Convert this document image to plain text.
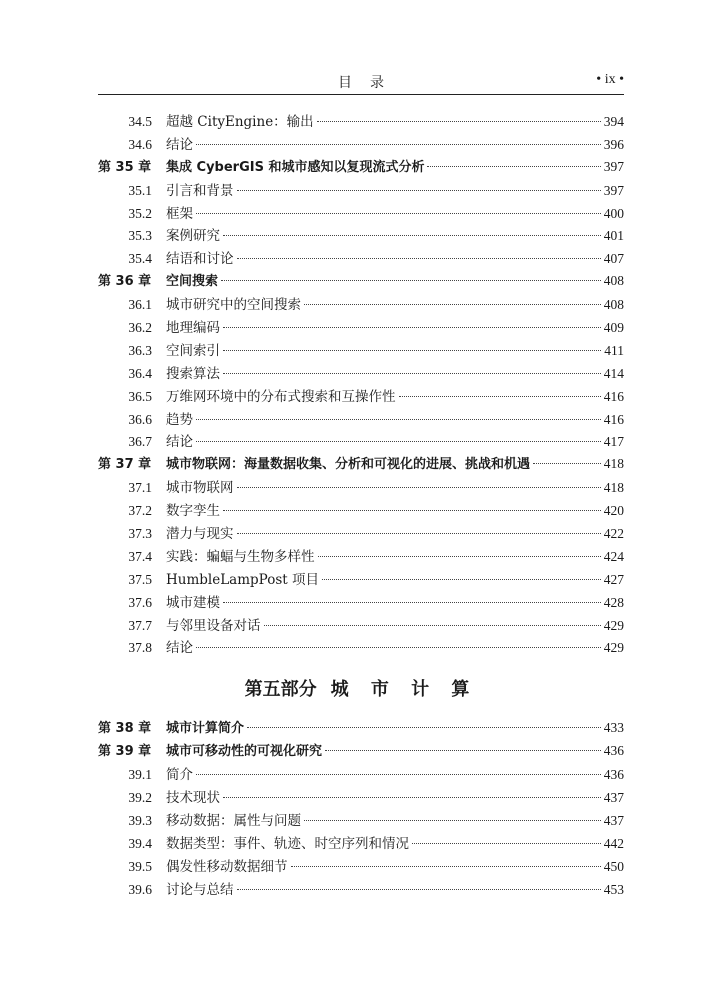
目录	• ix •
34.5	超越 CityEngine：输出	394
34.6	结论	396
第 35 章	集成 CyberGIS 和城市感知以复现流式分析	397
35.1	引言和背景	397
35.2	框架	400
35.3	案例研究	401
35.4	结语和讨论	407
第 36 章	空间搜索	408
36.1	城市研究中的空间搜索	408
36.2	地理编码	409
36.3	空间索引	411
36.4	搜索算法	414
36.5	万维网环境中的分布式搜索和互操作性	416
36.6	趋势	416
36.7	结论	417
第 37 章	城市物联网：海量数据收集、分析和可视化的进展、挑战和机遇	418
37.1	城市物联网	418
37.2	数字孪生	420
37.3	潜力与现实	422
37.4	实践：蝙蝠与生物多样性	424
37.5	HumbleLampPost 项目	427
37.6	城市建模	428
37.7	与邻里设备对话	429
37.8	结论	429
第五部分 城 市 计 算
第 38 章	城市计算简介	433
第 39 章	城市可移动性的可视化研究	436
39.1	简介	436
39.2	技术现状	437
39.3	移动数据：属性与问题	437
39.4	数据类型：事件、轨迹、时空序列和情况	442
39.5	偶发性移动数据细节	450
39.6	讨论与总结	453
